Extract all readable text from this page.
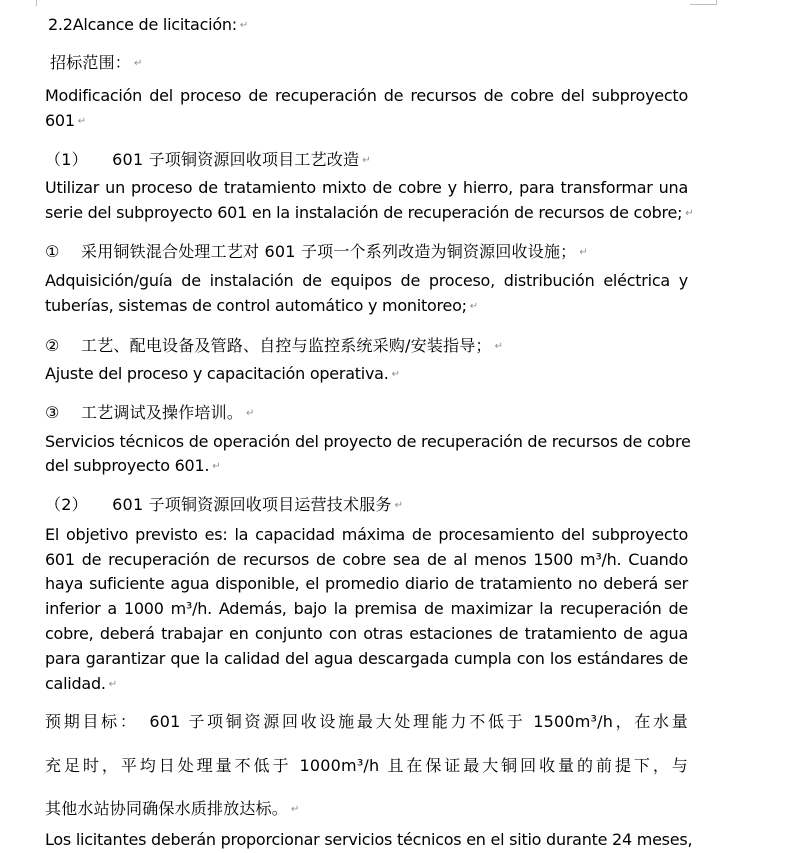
2.2Alcance de licitación: ↵
招标范围： ↵
Modificación del proceso de recuperación de recursos de cobre del subproyecto
601 ↵
（1）　　601 子项铜资源回收项目工艺改造 ↵
Utilizar un proceso de tratamiento mixto de cobre y hierro, para transformar una
serie del subproyecto 601 en la instalación de recuperación de recursos de cobre; ↵
①　 采用铜铁混合处理工艺对 601 子项一个系列改造为铜资源回收设施； ↵
Adquisición/guía de instalación de equipos de proceso, distribución eléctrica y
tuberías, sistemas de control automático y monitoreo; ↵
②　 工艺、配电设备及管路、自控与监控系统采购/安装指导； ↵
Ajuste del proceso y capacitación operativa. ↵
③　 工艺调试及操作培训。 ↵
Servicios técnicos de operación del proyecto de recuperación de recursos de cobre
del subproyecto 601. ↵
（2）　　601 子项铜资源回收项目运营技术服务 ↵
El objetivo previsto es: la capacidad máxima de procesamiento del subproyecto
601 de recuperación de recursos de cobre sea de al menos 1500 m³/h. Cuando
haya suficiente agua disponible, el promedio diario de tratamiento no deberá ser
inferior a 1000 m³/h. Además, bajo la premisa de maximizar la recuperación de
cobre, deberá trabajar en conjunto con otras estaciones de tratamiento de agua
para garantizar que la calidad del agua descargada cumpla con los estándares de
calidad. ↵
预期目标：　601 子项铜资源回收设施最大处理能力不低于 1500m³/h，在水量
充足时，平均日处理量不低于 1000m³/h 且在保证最大铜回收量的前提下，与
其他水站协同确保水质排放达标。 ↵
Los licitantes deberán proporcionar servicios técnicos en el sitio durante 24 meses,
